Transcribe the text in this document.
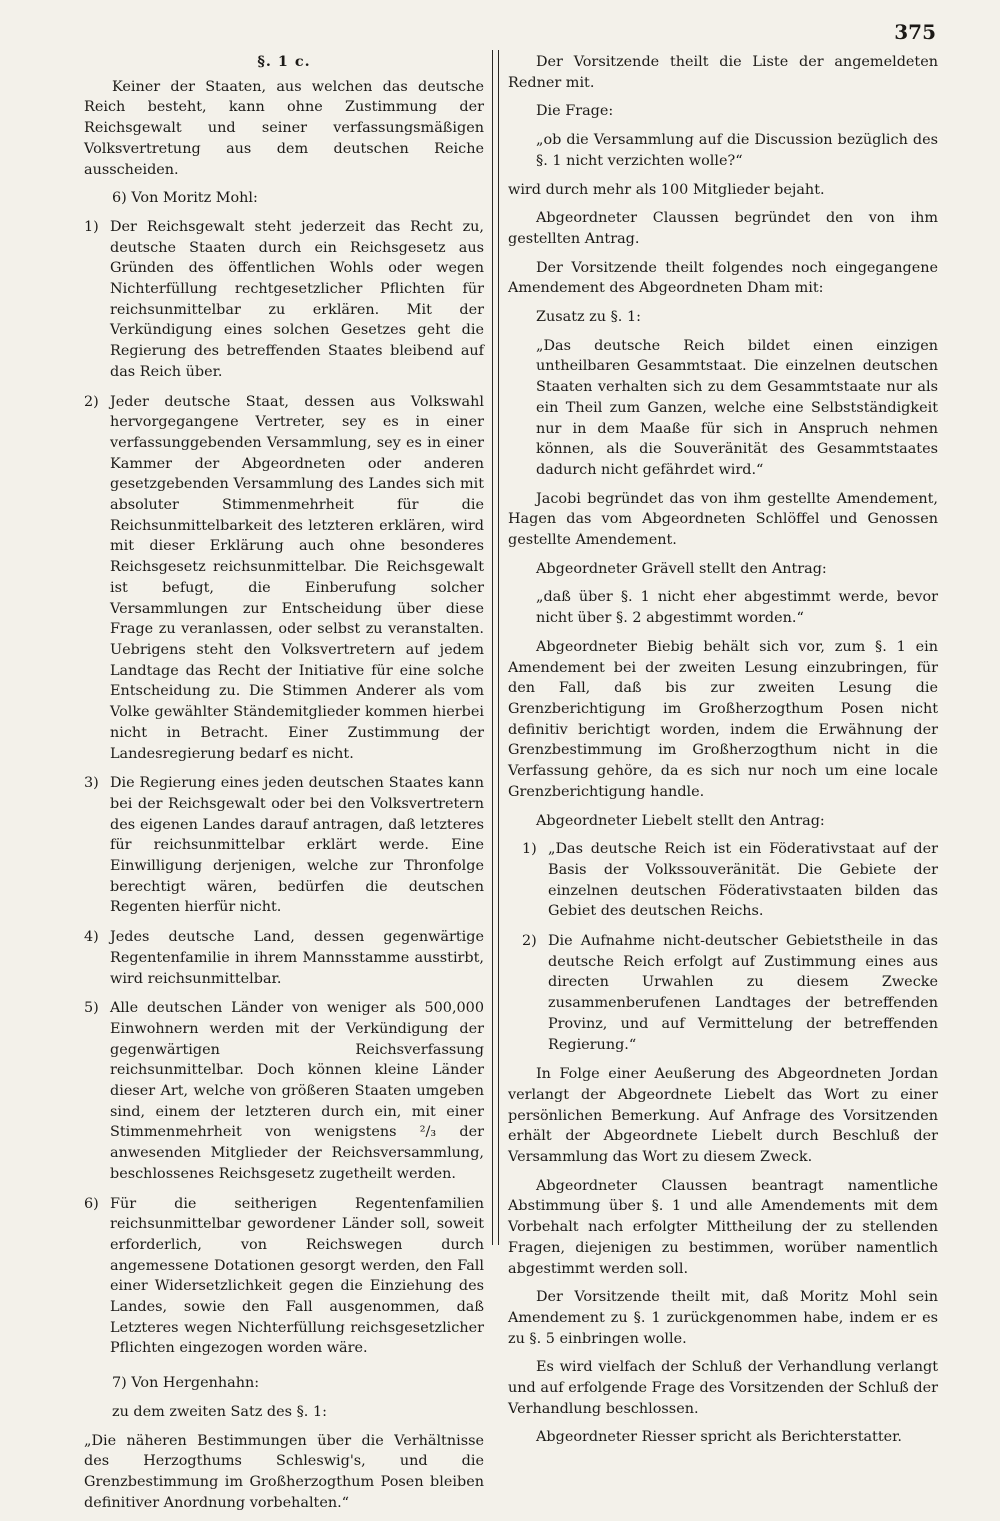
375

§. 1 c.

Keiner der Staaten, aus welchen das deutsche Reich besteht, kann ohne Zustimmung der Reichsgewalt und seiner verfassungsmäßigen Volksvertretung aus dem deutschen Reiche ausscheiden.

6) Von Moritz Mohl:

1) Der Reichsgewalt steht jederzeit das Recht zu, deutsche Staaten durch ein Reichsgesetz aus Gründen des öffentlichen Wohls oder wegen Nichterfüllung rechtgesetzlicher Pflichten für reichsunmittelbar zu erklären. Mit der Verkündigung eines solchen Gesetzes geht die Regierung des betreffenden Staates bleibend auf das Reich über.
2) Jeder deutsche Staat, dessen aus Volkswahl hervorgegangene Vertreter, sey es in einer verfassunggebenden Versammlung, sey es in einer Kammer der Abgeordneten oder anderen gesetzgebenden Versammlung des Landes sich mit absoluter Stimmenmehrheit für die Reichsunmittelbarkeit des letzteren erklären, wird mit dieser Erklärung auch ohne besonderes Reichsgesetz reichsunmittelbar. Die Reichsgewalt ist befugt, die Einberufung solcher Versammlungen zur Entscheidung über diese Frage zu veranlassen, oder selbst zu veranstalten. Uebrigens steht den Volksvertretern auf jedem Landtage das Recht der Initiative für eine solche Entscheidung zu. Die Stimmen Anderer als vom Volke gewählter Ständemitglieder kommen hierbei nicht in Betracht. Einer Zustimmung der Landesregierung bedarf es nicht.
3) Die Regierung eines jeden deutschen Staates kann bei der Reichsgewalt oder bei den Volksvertretern des eigenen Landes darauf antragen, daß letzteres für reichsunmittelbar erklärt werde. Eine Einwilligung derjenigen, welche zur Thronfolge berechtigt wären, bedürfen die deutschen Regenten hierfür nicht.
4) Jedes deutsche Land, dessen gegenwärtige Regentenfamilie in ihrem Mannsstamme ausstirbt, wird reichsunmittelbar.
5) Alle deutschen Länder von weniger als 500,000 Einwohnern werden mit der Verkündigung der gegenwärtigen Reichsverfassung reichsunmittelbar. Doch können kleine Länder dieser Art, welche von größeren Staaten umgeben sind, einem der letzteren durch ein, mit einer Stimmenmehrheit von wenigstens ²/₃ der anwesenden Mitglieder der Reichsversammlung, beschlossenes Reichsgesetz zugetheilt werden.
6) Für die seitherigen Regentenfamilien reichsunmittelbar gewordener Länder soll, soweit erforderlich, von Reichswegen durch angemessene Dotationen gesorgt werden, den Fall einer Widersetzlichkeit gegen die Einziehung des Landes, sowie den Fall ausgenommen, daß Letzteres wegen Nichterfüllung reichsgesetzlicher Pflichten eingezogen worden wäre.

7) Von Hergenhahn:

zu dem zweiten Satz des §. 1:

„Die näheren Bestimmungen über die Verhältnisse des Herzogthums Schleswig's, und die Grenzbestimmung im Großherzogthum Posen bleiben definitiver Anordnung vorbehalten.“

Der Vorsitzende theilt die Liste der angemeldeten Redner mit.

Die Frage:

„ob die Versammlung auf die Discussion bezüglich des §. 1 nicht verzichten wolle?“

wird durch mehr als 100 Mitglieder bejaht.

Abgeordneter Claussen begründet den von ihm gestellten Antrag.

Der Vorsitzende theilt folgendes noch eingegangene Amendement des Abgeordneten Dham mit:

Zusatz zu §. 1:

„Das deutsche Reich bildet einen einzigen untheilbaren Gesammtstaat. Die einzelnen deutschen Staaten verhalten sich zu dem Gesammtstaate nur als ein Theil zum Ganzen, welche eine Selbstständigkeit nur in dem Maaße für sich in Anspruch nehmen können, als die Souveränität des Gesammtstaates dadurch nicht gefährdet wird.“

Jacobi begründet das von ihm gestellte Amendement, Hagen das vom Abgeordneten Schlöffel und Genossen gestellte Amendement.

Abgeordneter Grävell stellt den Antrag:

„daß über §. 1 nicht eher abgestimmt werde, bevor nicht über §. 2 abgestimmt worden.“

Abgeordneter Biebig behält sich vor, zum §. 1 ein Amendement bei der zweiten Lesung einzubringen, für den Fall, daß bis zur zweiten Lesung die Grenzberichtigung im Großherzogthum Posen nicht definitiv berichtigt worden, indem die Erwähnung der Grenzbestimmung im Großherzogthum nicht in die Verfassung gehöre, da es sich nur noch um eine locale Grenzberichtigung handle.

Abgeordneter Liebelt stellt den Antrag:

1) „Das deutsche Reich ist ein Föderativstaat auf der Basis der Volkssouveränität. Die Gebiete der einzelnen deutschen Föderativstaaten bilden das Gebiet des deutschen Reichs.
2) Die Aufnahme nicht-deutscher Gebietstheile in das deutsche Reich erfolgt auf Zustimmung eines aus directen Urwahlen zu diesem Zwecke zusammenberufenen Landtages der betreffenden Provinz, und auf Vermittelung der betreffenden Regierung.“

In Folge einer Aeußerung des Abgeordneten Jordan verlangt der Abgeordnete Liebelt das Wort zu einer persönlichen Bemerkung. Auf Anfrage des Vorsitzenden erhält der Abgeordnete Liebelt durch Beschluß der Versammlung das Wort zu diesem Zweck.

Abgeordneter Claussen beantragt namentliche Abstimmung über §. 1 und alle Amendements mit dem Vorbehalt nach erfolgter Mittheilung der zu stellenden Fragen, diejenigen zu bestimmen, worüber namentlich abgestimmt werden soll.

Der Vorsitzende theilt mit, daß Moritz Mohl sein Amendement zu §. 1 zurückgenommen habe, indem er es zu §. 5 einbringen wolle.

Es wird vielfach der Schluß der Verhandlung verlangt und auf erfolgende Frage des Vorsitzenden der Schluß der Verhandlung beschlossen.

Abgeordneter Riesser spricht als Berichterstatter.
